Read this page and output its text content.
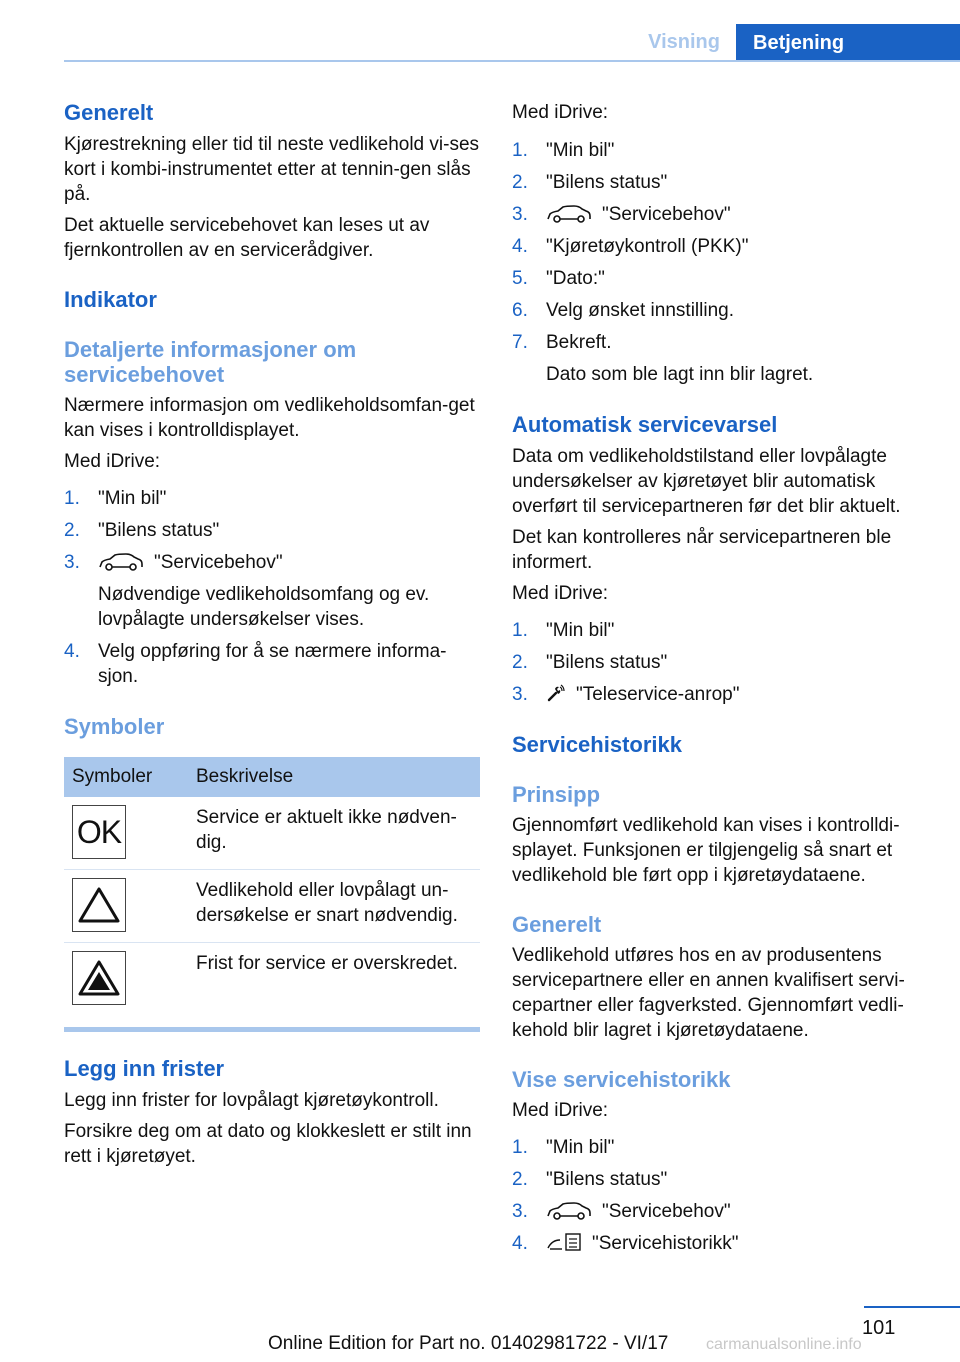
Visning	Betjening
Generelt

Kjørestrekning eller tid til neste vedlikehold vi-ses kort i kombi-instrumentet etter at tennin-gen slås på.

Det aktuelle servicebehovet kan leses ut av fjernkontrollen av en servicerådgiver.

Indikator
Detaljerte informasjoner om servicebehovet

Nærmere informasjon om vedlikeholdsomfan-get kan vises i kontrolldisplayet.

Med iDrive:

1. "Min bil"
2. "Bilens status"
3.	"Servicebehov"
Nødvendige vedlikeholdsomfang og ev. lovpålagte undersøkelser vises.
4. Velg oppføring for å se nærmere informa-sjon.
Symboler
Symboler	Beskrivelse

OK	Service er aktuelt ikke nødven-dig.

	Vedlikehold eller lovpålagt un-dersøkelse er snart nødvendig.

	Frist for service er overskredet.
Legg inn frister

Legg inn frister for lovpålagt kjøretøykontroll.

Forsikre deg om at dato og klokkeslett er stilt inn rett i kjøretøyet.

Med iDrive:

1. "Min bil"
2. "Bilens status"
3.	"Servicebehov"
4. "Kjøretøykontroll (PKK)"
5. "Dato:"
6. Velg ønsket innstilling.
7. Bekreft.
Dato som ble lagt inn blir lagret.
Automatisk servicevarsel

Data om vedlikeholdstilstand eller lovpålagte undersøkelser av kjøretøyet blir automatisk overført til servicepartneren før det blir aktuelt.

Det kan kontrolleres når servicepartneren ble informert.

Med iDrive:

1. "Min bil"
2. "Bilens status"
3.	"Teleservice-anrop"
Servicehistorikk
Prinsipp

Gjennomført vedlikehold kan vises i kontrolldi-splayet. Funksjonen er tilgjengelig så snart et vedlikehold ble ført opp i kjøretøydataene.

Generelt

Vedlikehold utføres hos en av produsentens servicepartnere eller en annen kvalifisert servi-cepartner eller fagverksted. Gjennomført vedli-kehold blir lagret i kjøretøydataene.

Vise servicehistorikk

Med iDrive:

1. "Min bil"
2. "Bilens status"
3.	"Servicebehov"
4.	"Servicehistorikk"
101
Online Edition for Part no. 01402981722 - VI/17 carmanualsonline.info
